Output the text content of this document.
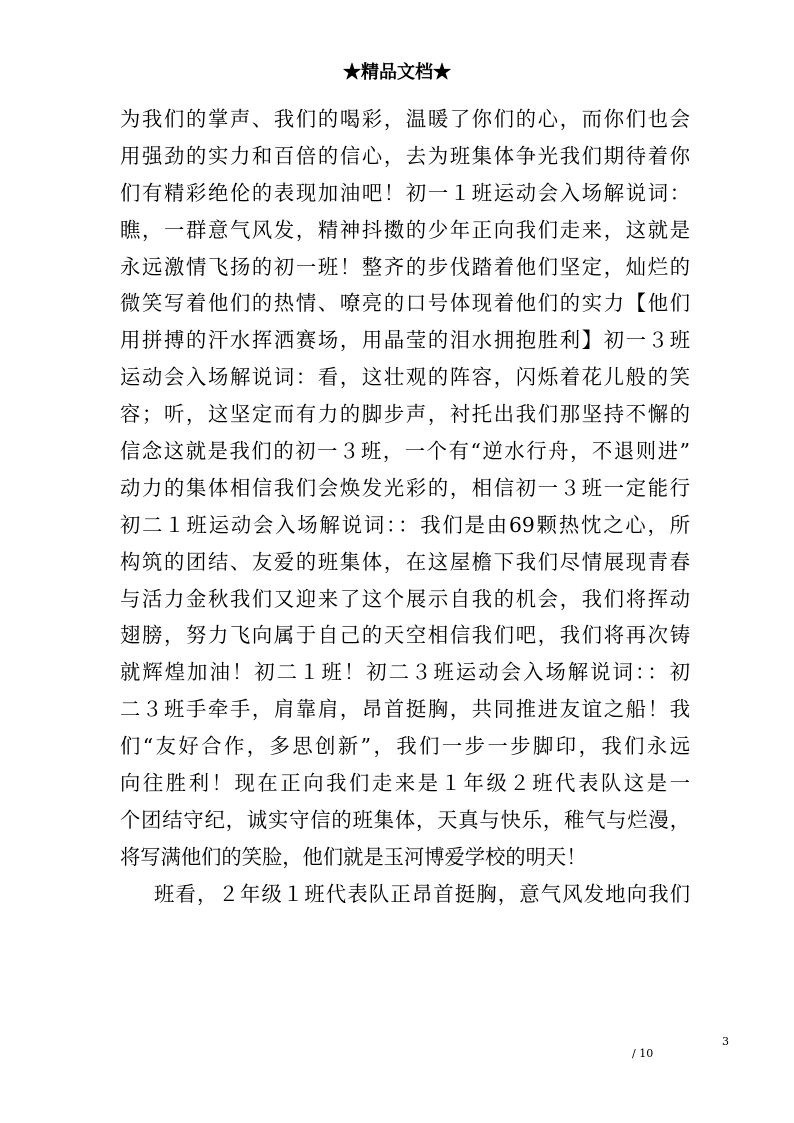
★精品文档★
为我们的掌声、我们的喝彩，温暖了你们的心，而你们也会
用强劲的实力和百倍的信心，去为班集体争光我们期待着你
们有精彩绝伦的表现加油吧！初一１班运动会入场解说词：
瞧，一群意气风发，精神抖擞的少年正向我们走来，这就是
永远激情飞扬的初一班！整齐的步伐踏着他们坚定，灿烂的
微笑写着他们的热情、嘹亮的口号体现着他们的实力【他们
用拼搏的汗水挥洒赛场，用晶莹的泪水拥抱胜利】初一３班
运动会入场解说词：看，这壮观的阵容，闪烁着花儿般的笑
容；听，这坚定而有力的脚步声，衬托出我们那坚持不懈的
信念这就是我们的初一３班，一个有“逆水行舟，不退则进”
动力的集体相信我们会焕发光彩的，相信初一３班一定能行
初二１班运动会入场解说词：：我们是由69颗热忱之心，所
构筑的团结、友爱的班集体，在这屋檐下我们尽情展现青春
与活力金秋我们又迎来了这个展示自我的机会，我们将挥动
翅膀，努力飞向属于自己的天空相信我们吧，我们将再次铸
就辉煌加油！初二１班！初二３班运动会入场解说词：：初
二３班手牵手，肩靠肩，昂首挺胸，共同推进友谊之船！我
们“友好合作，多思创新”，我们一步一步脚印，我们永远
向往胜利！现在正向我们走来是１年级２班代表队这是一
个团结守纪，诚实守信的班集体，天真与快乐，稚气与烂漫，
将写满他们的笑脸，他们就是玉河博爱学校的明天！
班看，２年级１班代表队正昂首挺胸，意气风发地向我们
3
/ 10
